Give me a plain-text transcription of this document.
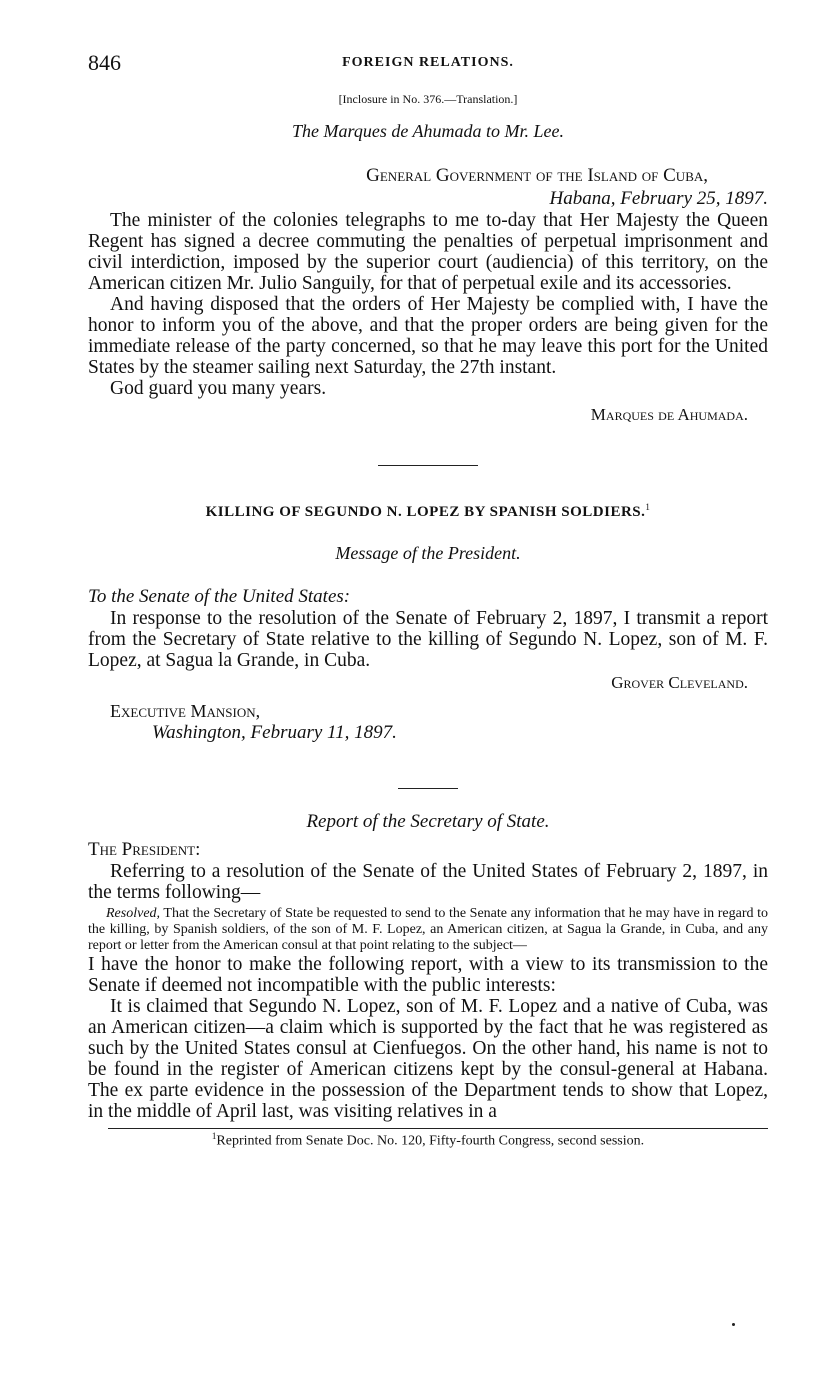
846	FOREIGN RELATIONS.
[Inclosure in No. 376.—Translation.]
The Marques de Ahumada to Mr. Lee.
General Government of the Island of Cuba,
Habana, February 25, 1897.

The minister of the colonies telegraphs to me to-day that Her Majesty the Queen Regent has signed a decree commuting the penalties of perpetual imprisonment and civil interdiction, imposed by the superior court (audiencia) of this territory, on the American citizen Mr. Julio Sanguily, for that of perpetual exile and its accessories.

And having disposed that the orders of Her Majesty be complied with, I have the honor to inform you of the above, and that the proper orders are being given for the immediate release of the party concerned, so that he may leave this port for the United States by the steamer sailing next Saturday, the 27th instant.

God guard you many years.

Marques de Ahumada.
KILLING OF SEGUNDO N. LOPEZ BY SPANISH SOLDIERS.$^1$
Message of the President.
To the Senate of the United States:

In response to the resolution of the Senate of February 2, 1897, I transmit a report from the Secretary of State relative to the killing of Segundo N. Lopez, son of M. F. Lopez, at Sagua la Grande, in Cuba.

Grover Cleveland.
Executive Mansion,
Washington, February 11, 1897.
Report of the Secretary of State.
The President:

Referring to a resolution of the Senate of the United States of February 2, 1897, in the terms following—

Resolved, That the Secretary of State be requested to send to the Senate any information that he may have in regard to the killing, by Spanish soldiers, of the son of M. F. Lopez, an American citizen, at Sagua la Grande, in Cuba, and any report or letter from the American consul at that point relating to the subject—

I have the honor to make the following report, with a view to its transmission to the Senate if deemed not incompatible with the public interests:

It is claimed that Segundo N. Lopez, son of M. F. Lopez and a native of Cuba, was an American citizen—a claim which is supported by the fact that he was registered as such by the United States consul at Cienfuegos. On the other hand, his name is not to be found in the register of American citizens kept by the consul-general at Habana. The ex parte evidence in the possession of the Department tends to show that Lopez, in the middle of April last, was visiting relatives in a

$^1$Reprinted from Senate Doc. No. 120, Fifty-fourth Congress, second session.
